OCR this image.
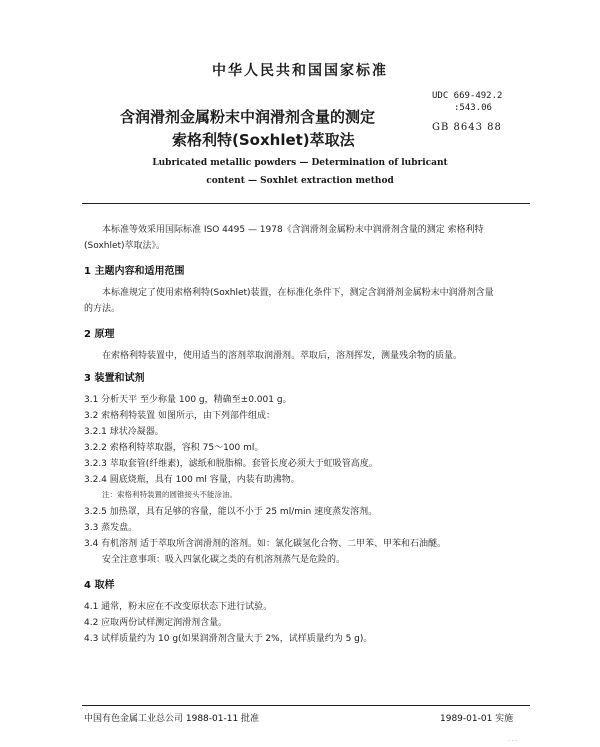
中华人民共和国国家标准
含润滑剂金属粉末中润滑剂含量的测定
索格利特(Soxhlet)萃取法
UDC 669-492.2
:543.06
GB 8643 88
Lubricated metallic powders — Determination of lubricant
content — Soxhlet extraction method
本标准等效采用国际标准 ISO 4495 — 1978《含润滑剂金属粉末中润滑剂含量的测定 索格利特
(Soxhlet)萃取法》。
1 主题内容和适用范围
本标准规定了使用索格利特(Soxhlet)装置，在标准化条件下，测定含润滑剂金属粉末中润滑剂含量
的方法。
2 原理
在索格利特装置中，使用适当的溶剂萃取润滑剂。萃取后，溶剂挥发，测量残余物的质量。
3 装置和试剂
3.1 分析天平 至少称量 100 g，精确至±0.001 g。
3.2 索格利特装置 如图所示，由下列部件组成：
3.2.1 球状冷凝器。
3.2.2 索格利特萃取器，容积 75～100 ml。
3.2.3 萃取套管(纤维素)，滤纸和脱脂棉。套管长度必须大于虹吸管高度。
3.2.4 圆底烧瓶，具有 100 ml 容量，内装有助沸物。
注：索格利特装置的圆锥接头不能涂油。
3.2.5 加热罩，具有足够的容量，能以不小于 25 ml/min 速度蒸发溶剂。
3.3 蒸发盘。
3.4 有机溶剂 适于萃取所含润滑剂的溶剂。如：氯化碳氢化合物、二甲苯、甲苯和石油醚。
安全注意事项：吸入四氯化碳之类的有机溶剂蒸气是危险的。
4 取样
4.1 通常，粉末应在不改变原状态下进行试验。
4.2 应取两份试样测定润滑剂含量。
4.3 试样质量约为 10 g(如果润滑剂含量大于 2%，试样质量约为 5 g)。
中国有色金属工业总公司 1988-01-11 批准	1989-01-01 实施
· · ·
